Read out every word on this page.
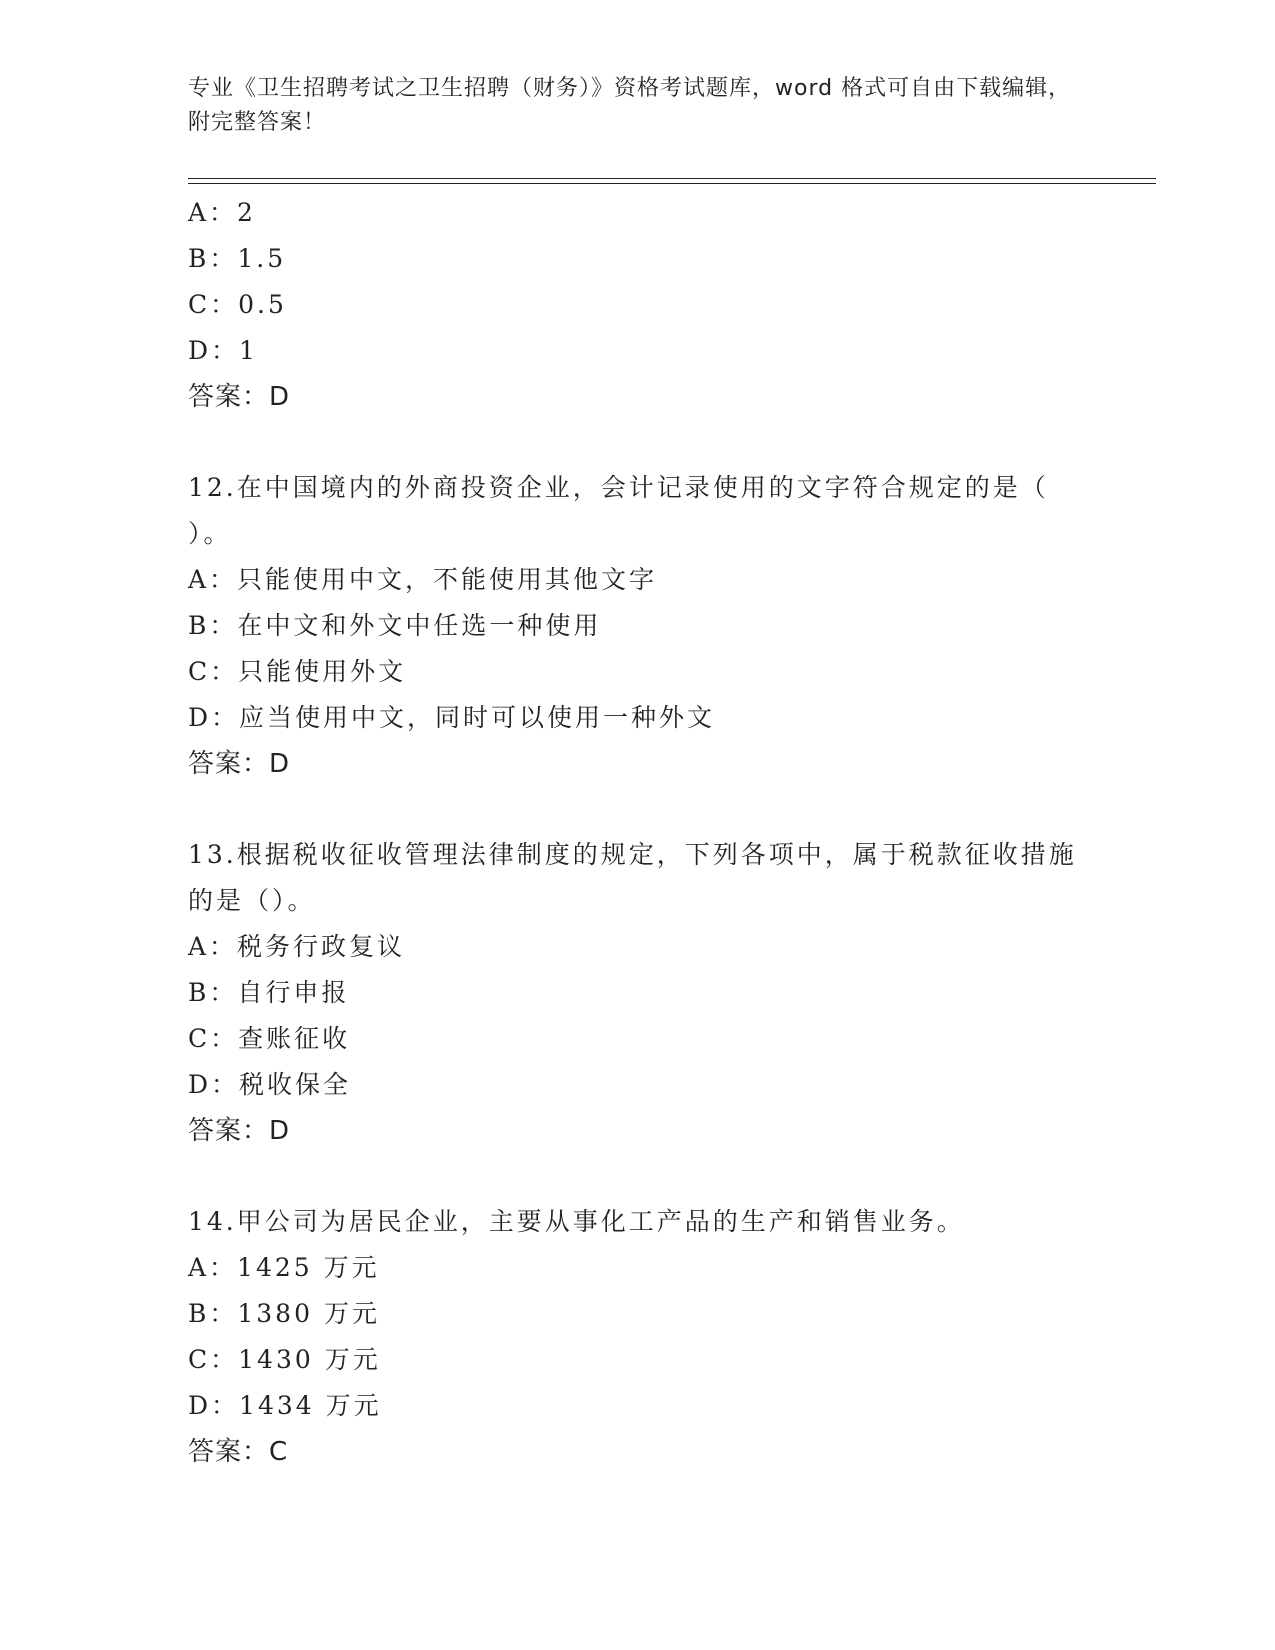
专业《卫生招聘考试之卫生招聘（财务）》资格考试题库，word 格式可自由下载编辑，附完整答案！
A：2
B：1.5
C：0.5
D：1
答案：D
12.在中国境内的外商投资企业，会计记录使用的文字符合规定的是（ ）。
A：只能使用中文，不能使用其他文字
B：在中文和外文中任选一种使用
C：只能使用外文
D：应当使用中文，同时可以使用一种外文
答案：D
13.根据税收征收管理法律制度的规定，下列各项中，属于税款征收措施的是（）。
A：税务行政复议
B：自行申报
C：查账征收
D：税收保全
答案：D
14.甲公司为居民企业，主要从事化工产品的生产和销售业务。
A：1425 万元
B：1380 万元
C：1430 万元
D：1434 万元
答案：C
